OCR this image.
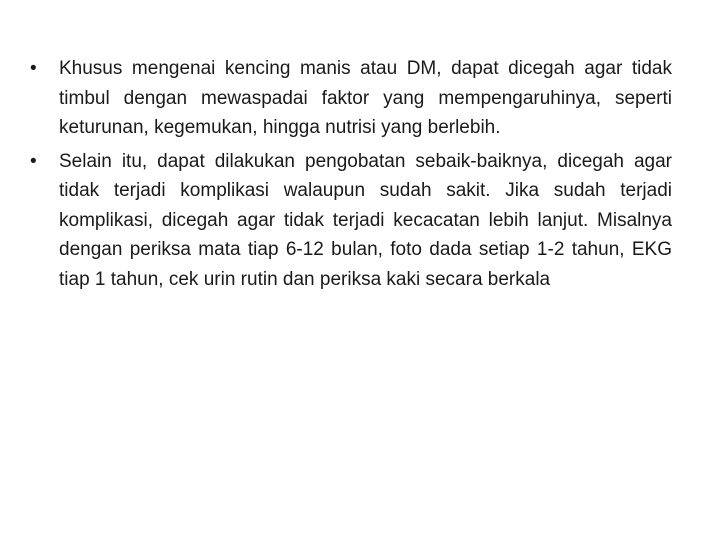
•	Khusus mengenai kencing manis atau DM, dapat dicegah agar tidak timbul dengan mewaspadai faktor yang mempengaruhinya, seperti keturunan, kegemukan, hingga nutrisi yang berlebih.
•	Selain itu, dapat dilakukan pengobatan sebaik-baiknya, dicegah agar tidak terjadi komplikasi walaupun sudah sakit. Jika sudah terjadi komplikasi, dicegah agar tidak terjadi kecacatan lebih lanjut. Misalnya dengan periksa mata tiap 6-12 bulan, foto dada setiap 1-2 tahun, EKG tiap 1 tahun, cek urin rutin dan periksa kaki secara berkala
